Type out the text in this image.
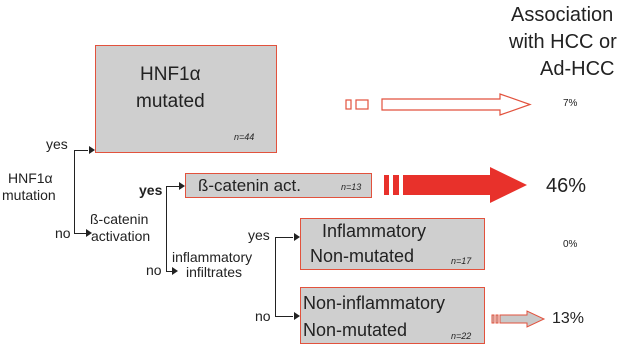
Association
with HCC or
Ad-HCC
HNF1α
mutation
yes
no
ß-catenin
activation
yes
no
inflammatory
infiltrates
yes
no
HNF1α
mutated
n=44
ß-catenin act.	n=13
Inflammatory
Non-mutated	n=17
Non-inflammatory
Non-mutated	n=22
7%
46%
0%
13%
